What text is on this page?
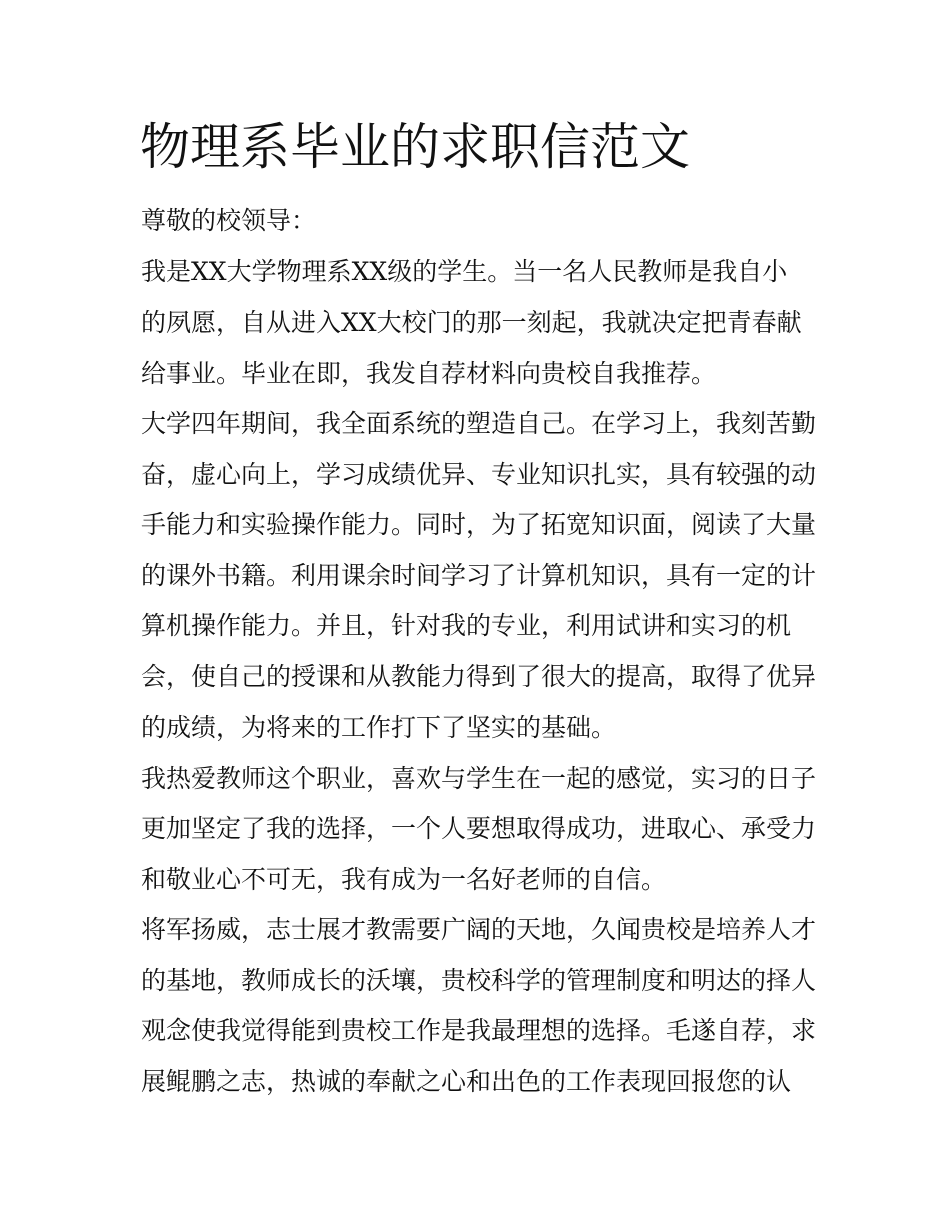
物理系毕业的求职信范文

尊敬的校领导：

我是XX大学物理系XX级的学生。当一名人民教师是我自小

的夙愿，自从进入XX大校门的那一刻起，我就决定把青春献

给事业。毕业在即，我发自荐材料向贵校自我推荐。

大学四年期间，我全面系统的塑造自己。在学习上，我刻苦勤

奋，虚心向上，学习成绩优异、专业知识扎实，具有较强的动

手能力和实验操作能力。同时，为了拓宽知识面，阅读了大量

的课外书籍。利用课余时间学习了计算机知识，具有一定的计

算机操作能力。并且，针对我的专业，利用试讲和实习的机

会，使自己的授课和从教能力得到了很大的提高，取得了优异

的成绩，为将来的工作打下了坚实的基础。

我热爱教师这个职业，喜欢与学生在一起的感觉，实习的日子

更加坚定了我的选择，一个人要想取得成功，进取心、承受力

和敬业心不可无，我有成为一名好老师的自信。

将军扬威，志士展才教需要广阔的天地，久闻贵校是培养人才

的基地，教师成长的沃壤，贵校科学的管理制度和明达的择人

观念使我觉得能到贵校工作是我最理想的选择。毛遂自荐，求

展鲲鹏之志，热诚的奉献之心和出色的工作表现回报您的认
